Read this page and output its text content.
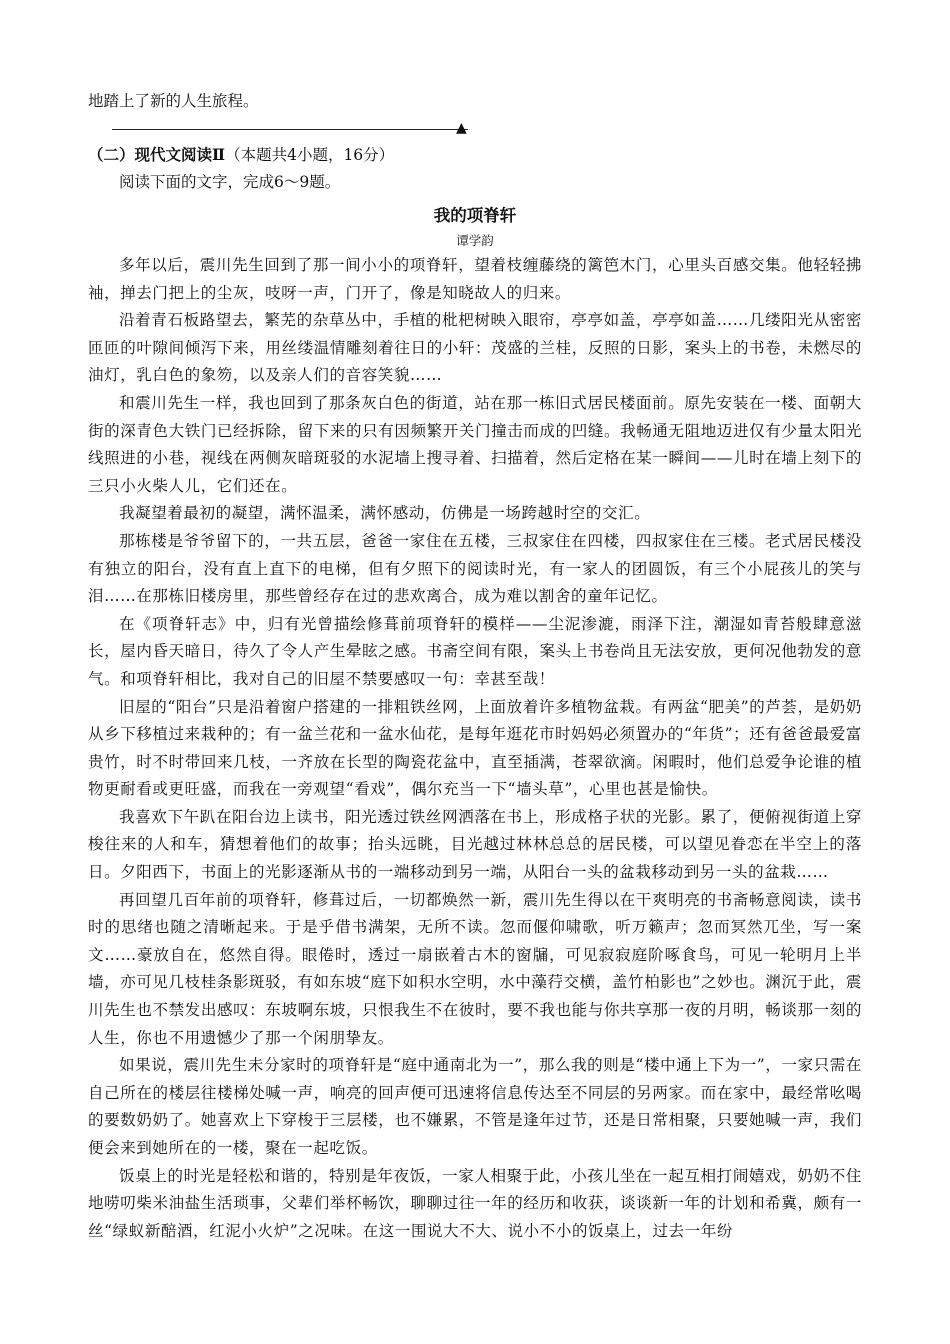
地踏上了新的人生旅程。

▲

（二）现代文阅读Ⅱ（本题共4小题，16分）

阅读下面的文字，完成6～9题。

我的项脊轩

谭学韵

多年以后，震川先生回到了那一间小小的项脊轩，望着枝缠藤绕的篱笆木门，心里头百感交集。他轻轻拂袖，掸去门把上的尘灰，吱呀一声，门开了，像是知晓故人的归来。

沿着青石板路望去，繁芜的杂草丛中，手植的枇杷树映入眼帘，亭亭如盖，亭亭如盖……几缕阳光从密密匝匝的叶隙间倾泻下来，用丝缕温情雕刻着往日的小轩：茂盛的兰桂，反照的日影，案头上的书卷，未燃尽的油灯，乳白色的象笏，以及亲人们的音容笑貌……

和震川先生一样，我也回到了那条灰白色的街道，站在那一栋旧式居民楼面前。原先安装在一楼、面朝大街的深青色大铁门已经拆除，留下来的只有因频繁开关门撞击而成的凹缝。我畅通无阻地迈进仅有少量太阳光线照进的小巷，视线在两侧灰暗斑驳的水泥墙上搜寻着、扫描着，然后定格在某一瞬间——儿时在墙上刻下的三只小火柴人儿，它们还在。

我凝望着最初的凝望，满怀温柔，满怀感动，仿佛是一场跨越时空的交汇。

那栋楼是爷爷留下的，一共五层，爸爸一家住在五楼，三叔家住在四楼，四叔家住在三楼。老式居民楼没有独立的阳台，没有直上直下的电梯，但有夕照下的阅读时光，有一家人的团圆饭，有三个小屁孩儿的笑与泪……在那栋旧楼房里，那些曾经存在过的悲欢离合，成为难以割舍的童年记忆。

在《项脊轩志》中，归有光曾描绘修葺前项脊轩的模样——尘泥渗漉，雨泽下注，潮湿如青苔般肆意滋长，屋内昏天暗日，待久了令人产生晕眩之感。书斋空间有限，案头上书卷尚且无法安放，更何况他勃发的意气。和项脊轩相比，我对自己的旧屋不禁要感叹一句：幸甚至哉！

旧屋的“阳台”只是沿着窗户搭建的一排粗铁丝网，上面放着许多植物盆栽。有两盆“肥美”的芦荟，是奶奶从乡下移植过来栽种的；有一盆兰花和一盆水仙花，是每年逛花市时妈妈必须置办的“年货”；还有爸爸最爱富贵竹，时不时带回来几枝，一齐放在长型的陶瓷花盆中，直至插满，苍翠欲滴。闲暇时，他们总爱争论谁的植物更耐看或更旺盛，而我在一旁观望“看戏”，偶尔充当一下“墙头草”，心里也甚是愉快。

我喜欢下午趴在阳台边上读书，阳光透过铁丝网洒落在书上，形成格子状的光影。累了，便俯视街道上穿梭往来的人和车，猜想着他们的故事；抬头远眺，目光越过林林总总的居民楼，可以望见眷恋在半空上的落日。夕阳西下，书面上的光影逐渐从书的一端移动到另一端，从阳台一头的盆栽移动到另一头的盆栽……

再回望几百年前的项脊轩，修葺过后，一切都焕然一新，震川先生得以在干爽明亮的书斋畅意阅读，读书时的思绪也随之清晰起来。于是乎借书满架，无所不读。忽而偃仰啸歌，听万籁声；忽而冥然兀坐，写一案文……豪放自在，悠然自得。眼倦时，透过一扇嵌着古木的窗牖，可见寂寂庭阶啄食鸟，可见一轮明月上半墙，亦可见几枝桂条影斑驳，有如东坡“庭下如积水空明，水中藻荇交横，盖竹柏影也”之妙也。渊沉于此，震川先生也不禁发出感叹：东坡啊东坡，只恨我生不在彼时，要不我也能与你共享那一夜的月明，畅谈那一刻的人生，你也不用遗憾少了那一个闲朋挚友。

如果说，震川先生未分家时的项脊轩是“庭中通南北为一”，那么我的则是“楼中通上下为一”，一家只需在自己所在的楼层往楼梯处喊一声，响亮的回声便可迅速将信息传达至不同层的另两家。而在家中，最经常吆喝的要数奶奶了。她喜欢上下穿梭于三层楼，也不嫌累，不管是逢年过节，还是日常相聚，只要她喊一声，我们便会来到她所在的一楼，聚在一起吃饭。

饭桌上的时光是轻松和谐的，特别是年夜饭，一家人相聚于此，小孩儿坐在一起互相打闹嬉戏，奶奶不住地唠叨柴米油盐生活琐事，父辈们举杯畅饮，聊聊过往一年的经历和收获，谈谈新一年的计划和希冀，颇有一丝“绿蚁新醅酒，红泥小火炉”之况味。在这一围说大不大、说小不小的饭桌上，过去一年纷
